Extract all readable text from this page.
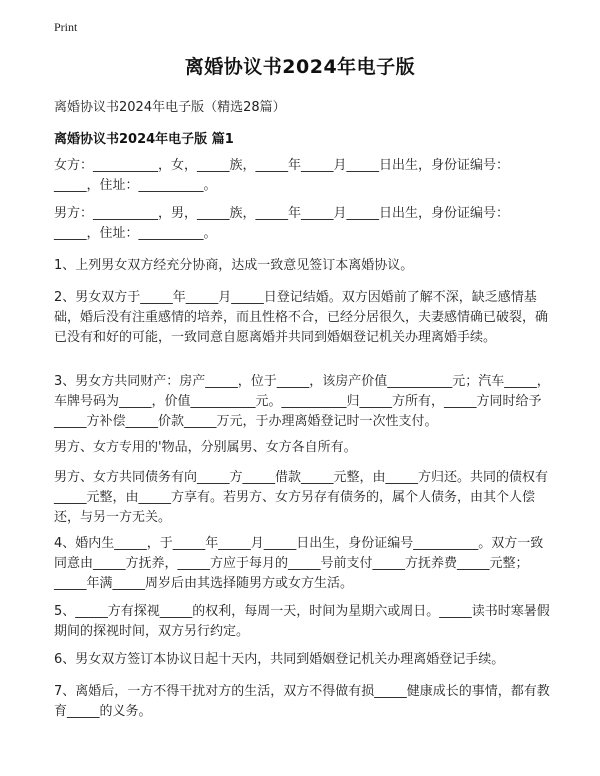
Print
离婚协议书2024年电子版
离婚协议书2024年电子版（精选28篇）
离婚协议书2024年电子版 篇1
女方：__________，女，_____族，_____年_____月_____日出生，身份证编号：_____，住址：__________。
男方：__________，男，_____族，_____年_____月_____日出生，身份证编号：_____，住址：__________。
1、上列男女双方经充分协商，达成一致意见签订本离婚协议。
2、男女双方于_____年_____月_____日登记结婚。双方因婚前了解不深，缺乏感情基础，婚后没有注重感情的培养，而且性格不合，已经分居很久，夫妻感情确已破裂，确已没有和好的可能，一致同意自愿离婚并共同到婚姻登记机关办理离婚手续。
3、男女方共同财产：房产_____，位于_____，该房产价值__________元；汽车_____，车牌号码为_____，价值__________元。__________归_____方所有，_____方同时给予_____方补偿_____价款_____万元，于办理离婚登记时一次性支付。
男方、女方专用的'物品，分别属男、女方各自所有。
男方、女方共同债务有向_____方_____借款_____元整，由_____方归还。共同的债权有_____元整，由_____方享有。若男方、女方另存有债务的，属个人债务，由其个人偿还，与另一方无关。
4、婚内生_____，于_____年_____月_____日出生，身份证编号__________。双方一致同意由_____方抚养，_____方应于每月的_____号前支付_____方抚养费_____元整；_____年满_____周岁后由其选择随男方或女方生活。
5、_____方有探视_____的权利，每周一天，时间为星期六或周日。_____读书时寒暑假期间的探视时间，双方另行约定。
6、男女双方签订本协议日起十天内，共同到婚姻登记机关办理离婚登记手续。
7、离婚后，一方不得干扰对方的生活，双方不得做有损_____健康成长的事情，都有教育_____的义务。
